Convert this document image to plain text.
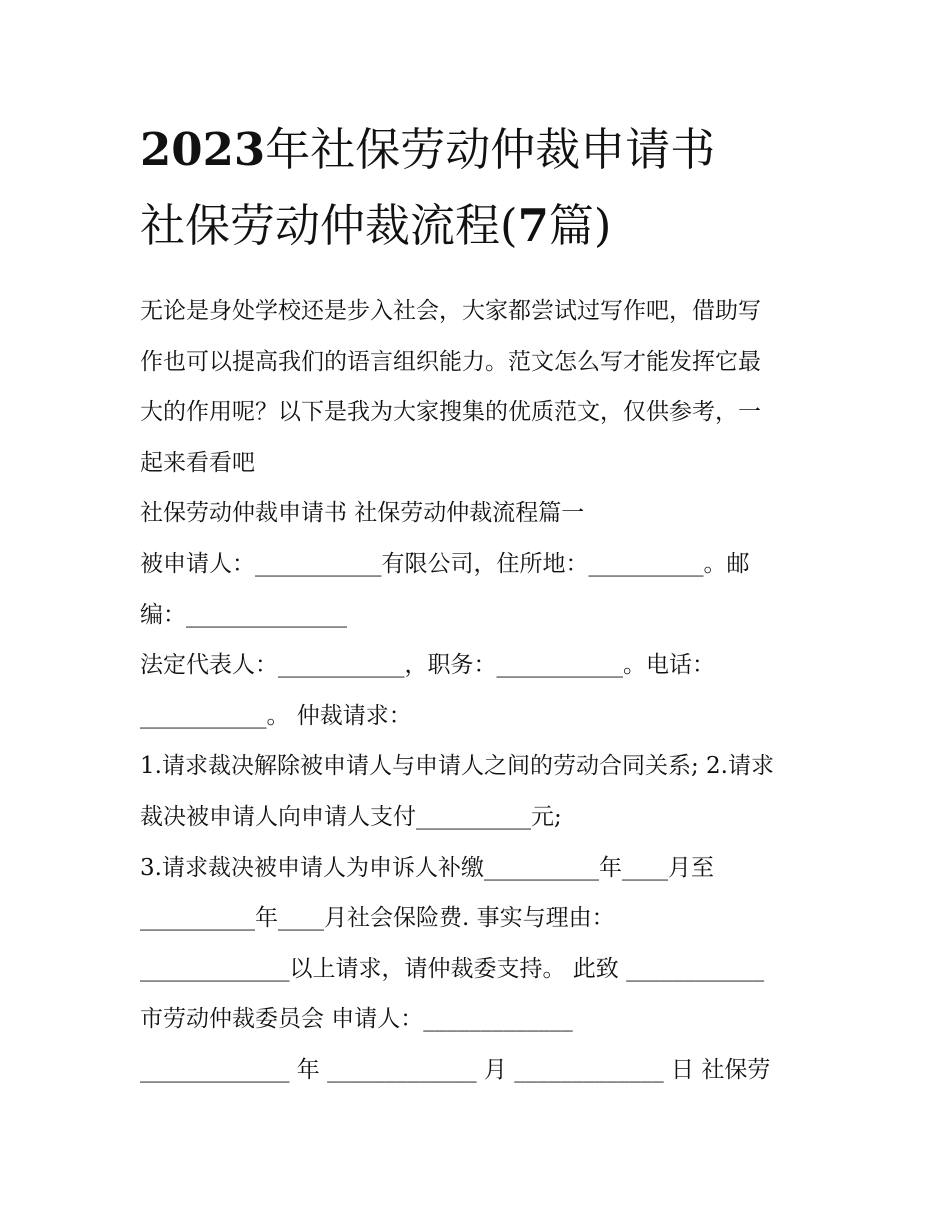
2023年社保劳动仲裁申请书
社保劳动仲裁流程(7篇)

无论是身处学校还是步入社会，大家都尝试过写作吧，借助写
作也可以提高我们的语言组织能力。范文怎么写才能发挥它最
大的作用呢？以下是我为大家搜集的优质范文，仅供参考，一
起来看看吧

社保劳动仲裁申请书 社保劳动仲裁流程篇一

被申请人：___________有限公司，住所地：__________。邮
编：______________
法定代表人：___________，职务：___________。电话：
___________。 仲裁请求：
1.请求裁决解除被申请人与申请人之间的劳动合同关系; 2.请求
裁决被申请人向申请人支付__________元;
3.请求裁决被申请人为申诉人补缴__________年____月至
__________年____月社会保险费. 事实与理由：
_____________以上请求，请仲裁委支持。 此致 ____________
市劳动仲裁委员会 申请人：_____________
_____________ 年 _____________ 月 _____________ 日 社保劳
